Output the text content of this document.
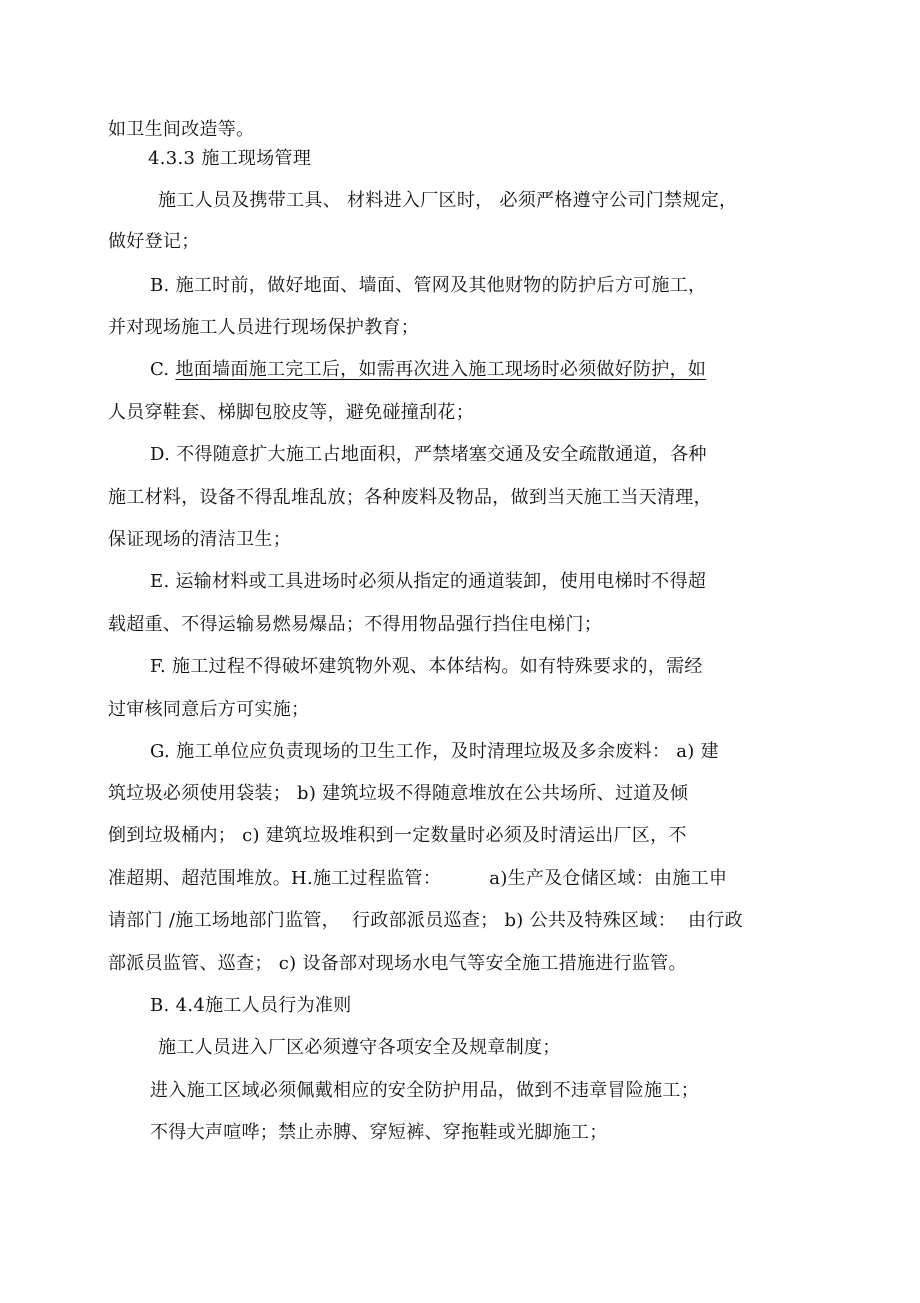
如卫生间改造等。
4.3.3 施工现场管理
施工人员及携带工具、 材料进入厂区时， 必须严格遵守公司门禁规定，
做好登记；
B. 施工时前，做好地面、墙面、管网及其他财物的防护后方可施工，
并对现场施工人员进行现场保护教育；
C. 地面墙面施工完工后，如需再次进入施工现场时必须做好防护，如
人员穿鞋套、梯脚包胶皮等，避免碰撞刮花；
D. 不得随意扩大施工占地面积，严禁堵塞交通及安全疏散通道，各种
施工材料，设备不得乱堆乱放；各种废料及物品，做到当天施工当天清理，
保证现场的清洁卫生；
E. 运输材料或工具进场时必须从指定的通道装卸，使用电梯时不得超
载超重、不得运输易燃易爆品；不得用物品强行挡住电梯门；
F. 施工过程不得破坏建筑物外观、本体结构。如有特殊要求的，需经
过审核同意后方可实施；
G. 施工单位应负责现场的卫生工作，及时清理垃圾及多余废料： a) 建
筑垃圾必须使用袋装； b) 建筑垃圾不得随意堆放在公共场所、过道及倾
倒到垃圾桶内； c) 建筑垃圾堆积到一定数量时必须及时清运出厂区，不
准超期、超范围堆放。H.施工过程监管：        a)生产及仓储区域：由施工申
请部门 /施工场地部门监管，  行政部派员巡查； b) 公共及特殊区域：  由行政
部派员监管、巡查； c) 设备部对现场水电气等安全施工措施进行监管。
B. 4.4施工人员行为准则
施工人员进入厂区必须遵守各项安全及规章制度；
进入施工区域必须佩戴相应的安全防护用品，做到不违章冒险施工；
不得大声喧哗；禁止赤膊、穿短裤、穿拖鞋或光脚施工；
